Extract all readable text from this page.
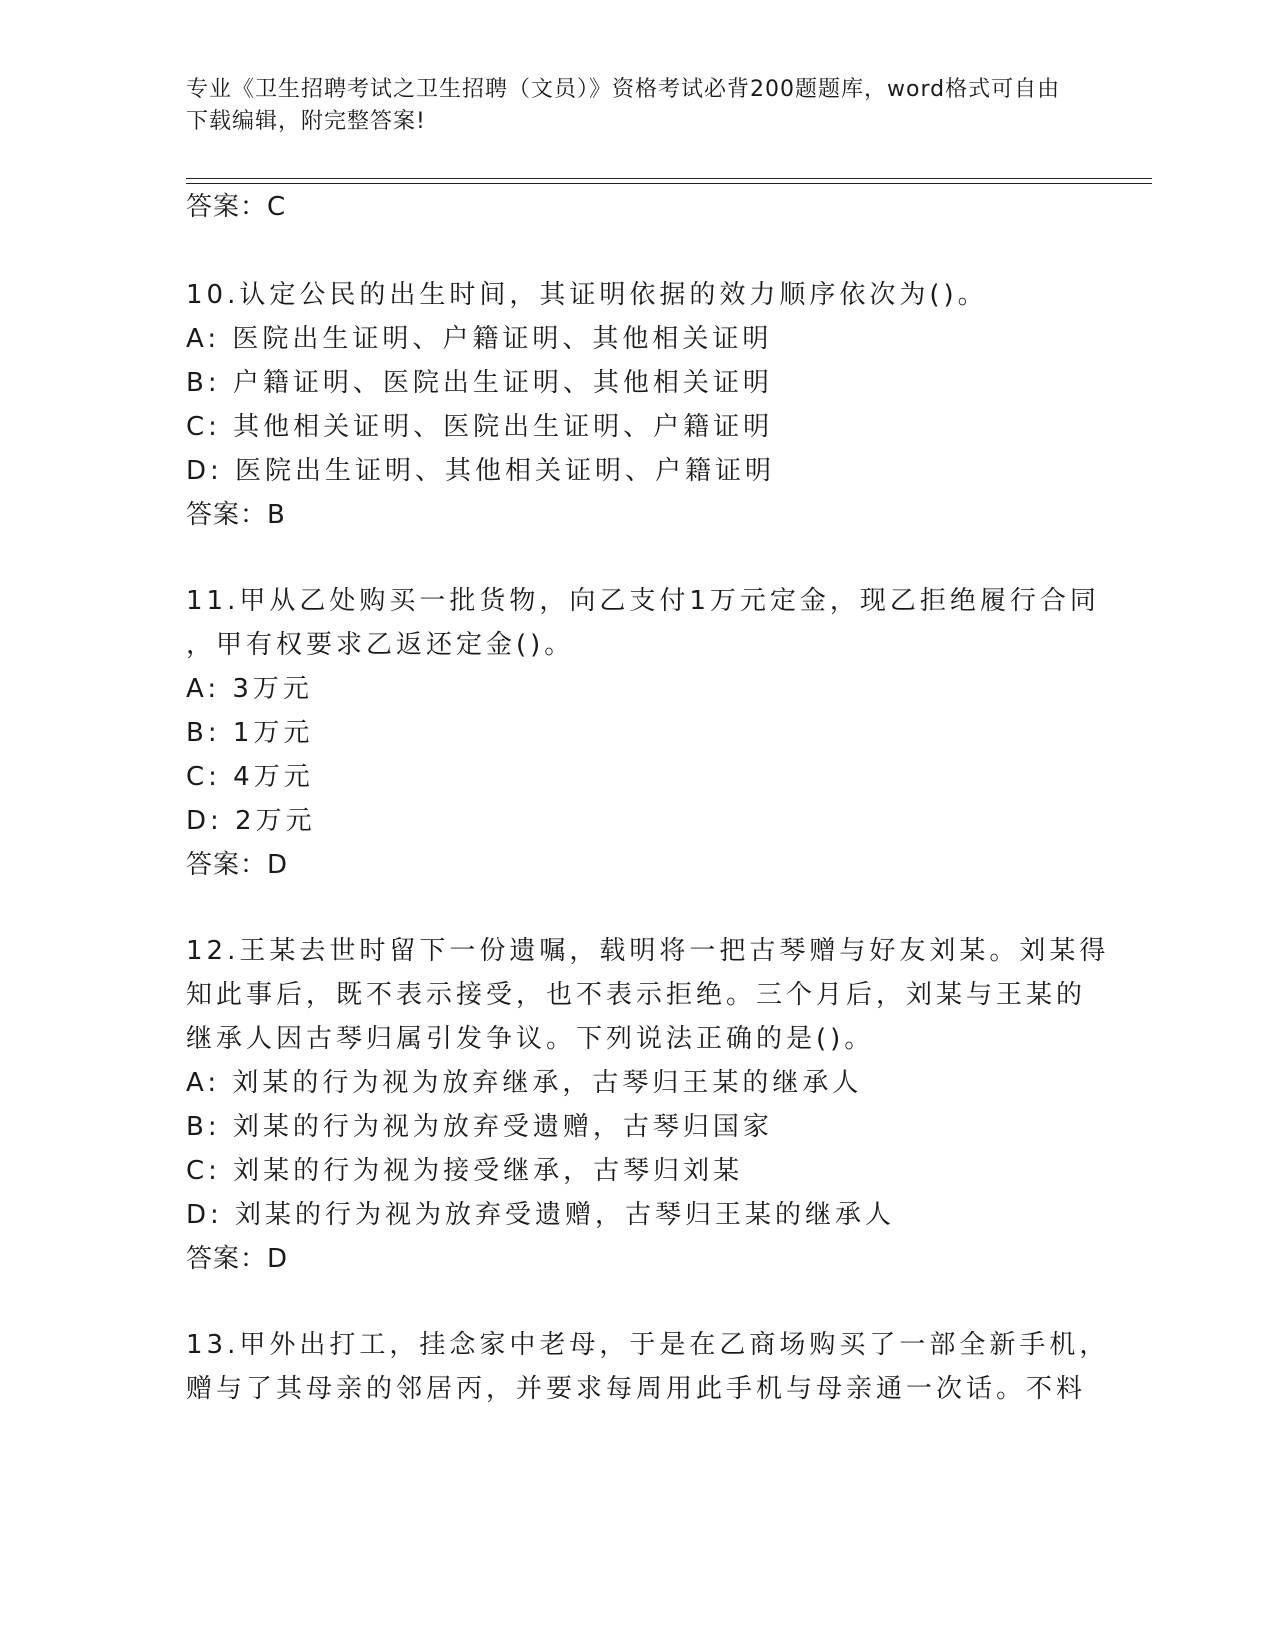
专业《卫生招聘考试之卫生招聘（文员）》资格考试必背200题题库，word格式可自由下载编辑，附完整答案!
答案：C
10.认定公民的出生时间，其证明依据的效力顺序依次为()。
A: 医院出生证明、户籍证明、其他相关证明
B: 户籍证明、医院出生证明、其他相关证明
C: 其他相关证明、医院出生证明、户籍证明
D: 医院出生证明、其他相关证明、户籍证明
答案：B
11.甲从乙处购买一批货物，向乙支付1万元定金，现乙拒绝履行合同
，甲有权要求乙返还定金()。
A: 3万元
B: 1万元
C: 4万元
D: 2万元
答案：D
12.王某去世时留下一份遗嘱，载明将一把古琴赠与好友刘某。刘某得
知此事后，既不表示接受，也不表示拒绝。三个月后，刘某与王某的
继承人因古琴归属引发争议。下列说法正确的是()。
A: 刘某的行为视为放弃继承，古琴归王某的继承人
B: 刘某的行为视为放弃受遗赠，古琴归国家
C: 刘某的行为视为接受继承，古琴归刘某
D: 刘某的行为视为放弃受遗赠，古琴归王某的继承人
答案：D
13.甲外出打工，挂念家中老母，于是在乙商场购买了一部全新手机，
赠与了其母亲的邻居丙，并要求每周用此手机与母亲通一次话。不料
